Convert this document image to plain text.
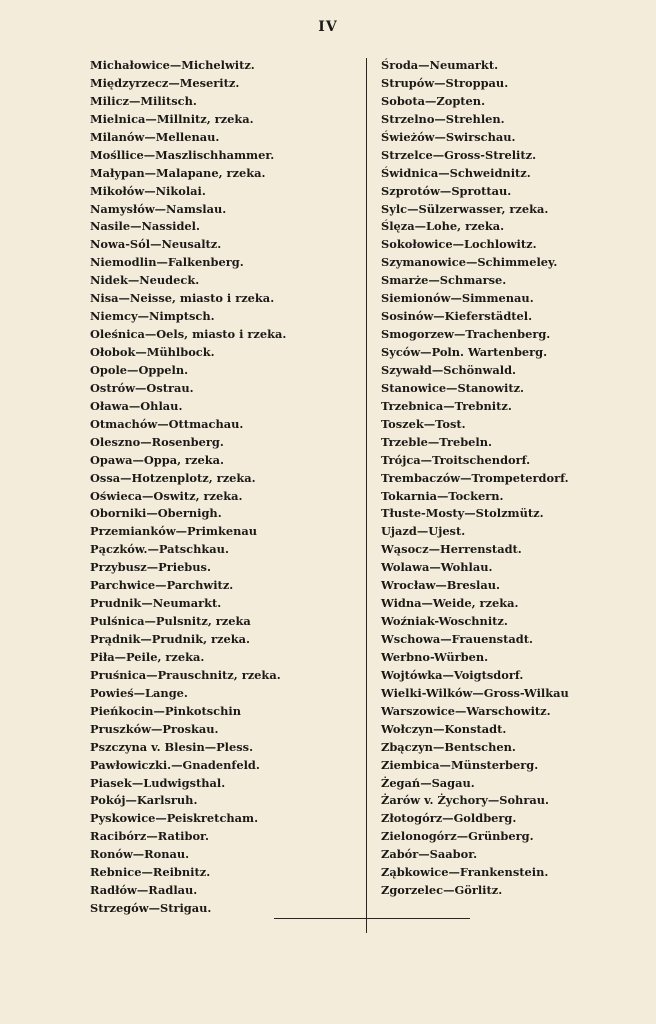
IV
Michałowice—Michelwitz.
Międzyrzecz—Meseritz.
Milicz—Militsch.
Mielnica—Millnitz, rzeka.
Milanów—Mellenau.
Mośllice—Maszlischhammer.
Małypan—Malapane, rzeka.
Mikołów—Nikolai.
Namysłów—Namslau.
Nasile—Nassidel.
Nowa-Sól—Neusaltz.
Niemodlin—Falkenberg.
Nidek—Neudeck.
Nisa—Neisse, miasto i rzeka.
Niemcy—Nimptsch.
Oleśnica—Oels, miasto i rzeka.
Ołobok—Mühlbock.
Opole—Oppeln.
Ostrów—Ostrau.
Oława—Ohlau.
Otmachów—Ottmachau.
Oleszno—Rosenberg.
Opawa—Oppa, rzeka.
Ossa—Hotzenplotz, rzeka.
Oświeca—Oswitz, rzeka.
Oborniki—Obernigh.
Przemianków—Primkenau
Pączków.—Patschkau.
Przybusz—Priebus.
Parchwice—Parchwitz.
Prudnik—Neumarkt.
Pulśnica—Pulsnitz, rzeka
Prądnik—Prudnik, rzeka.
Piła—Peile, rzeka.
Pruśnica—Prauschnitz, rzeka.
Powieś—Lange.
Pieńkocin—Pinkotschin
Pruszków—Proskau.
Pszczyna v. Blesin—Pless.
Pawłowiczki.—Gnadenfeld.
Piasek—Ludwigsthal.
Pokój—Karlsruh.
Pyskowice—Peiskretcham.
Racibórz—Ratibor.
Ronów—Ronau.
Rebnice—Reibnitz.
Radłów—Radlau.
Strzegów—Strigau.
Środa—Neumarkt.
Strupów—Stroppau.
Sobota—Zopten.
Strzelno—Strehlen.
Świeżów—Swirschau.
Strzelce—Gross-Strelitz.
Świdnica—Schweidnitz.
Szprotów—Sprottau.
Sylc—Sülzerwasser, rzeka.
Ślęza—Lohe, rzeka.
Sokołowice—Lochlowitz.
Szymanowice—Schimmeley.
Smarże—Schmarse.
Siemionów—Simmenau.
Sosinów—Kieferstädtel.
Smogorzew—Trachenberg.
Syców—Poln. Wartenberg.
Szywałd—Schönwald.
Stanowice—Stanowitz.
Trzebnica—Trebnitz.
Toszek—Tost.
Trzeble—Trebeln.
Trójca—Troitschendorf.
Trembaczów—Trompeterdorf.
Tokarnia—Tockern.
Tłuste-Mosty—Stolzmütz.
Ujazd—Ujest.
Wąsocz—Herrenstadt.
Wolawa—Wohlau.
Wrocław—Breslau.
Widna—Weide, rzeka.
Woźniak-Woschnitz.
Wschowa—Frauenstadt.
Werbno-Würben.
Wojtówka—Voigtsdorf.
Wielki-Wilków—Gross-Wilkau
Warszowice—Warschowitz.
Wołczyn—Konstadt.
Zbączyn—Bentschen.
Ziembica—Münsterberg.
Żegań—Sagau.
Żarów v. Żychory—Sohrau.
Złotogórz—Goldberg.
Zielonogórz—Grünberg.
Zabór—Saabor.
Ząbkowice—Frankenstein.
Zgorzelec—Görlitz.
